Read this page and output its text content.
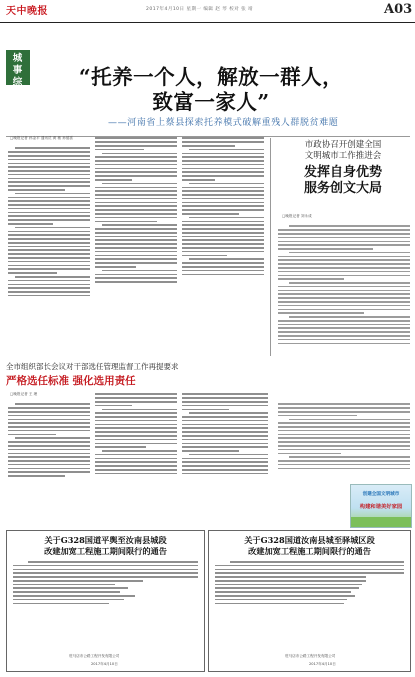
天中晚报
城事综合
2017年4月10日 星期一 编辑 赵 琴 校对 张 靖	A03
“托养一个人，解放一群人，
致富一家人”
——河南省上蔡县探索托养模式破解重残人群脱贫难题
□晚报记者 孙金平 通讯员 黄 敏 孙德喜
市政协召开创建全国
文明城市工作推进会
发挥自身优势
服务创文大局
□晚报记者 刘永成
全市组织部长会议对干部选任管理监督工作再提要求
严格选任标准 强化选用责任
□晚报记者 王 理
创建全国文明城市
构建和谐美好家园
关于G328国道平舆至汝南县城段
改建加宽工程施工期间限行的通告
驻马店市公路工程开发有限公司
2017年4月10日
关于G328国道汝南县城至驿城区段
改建加宽工程施工期间限行的通告
驻马店市公路工程开发有限公司
2017年4月10日
